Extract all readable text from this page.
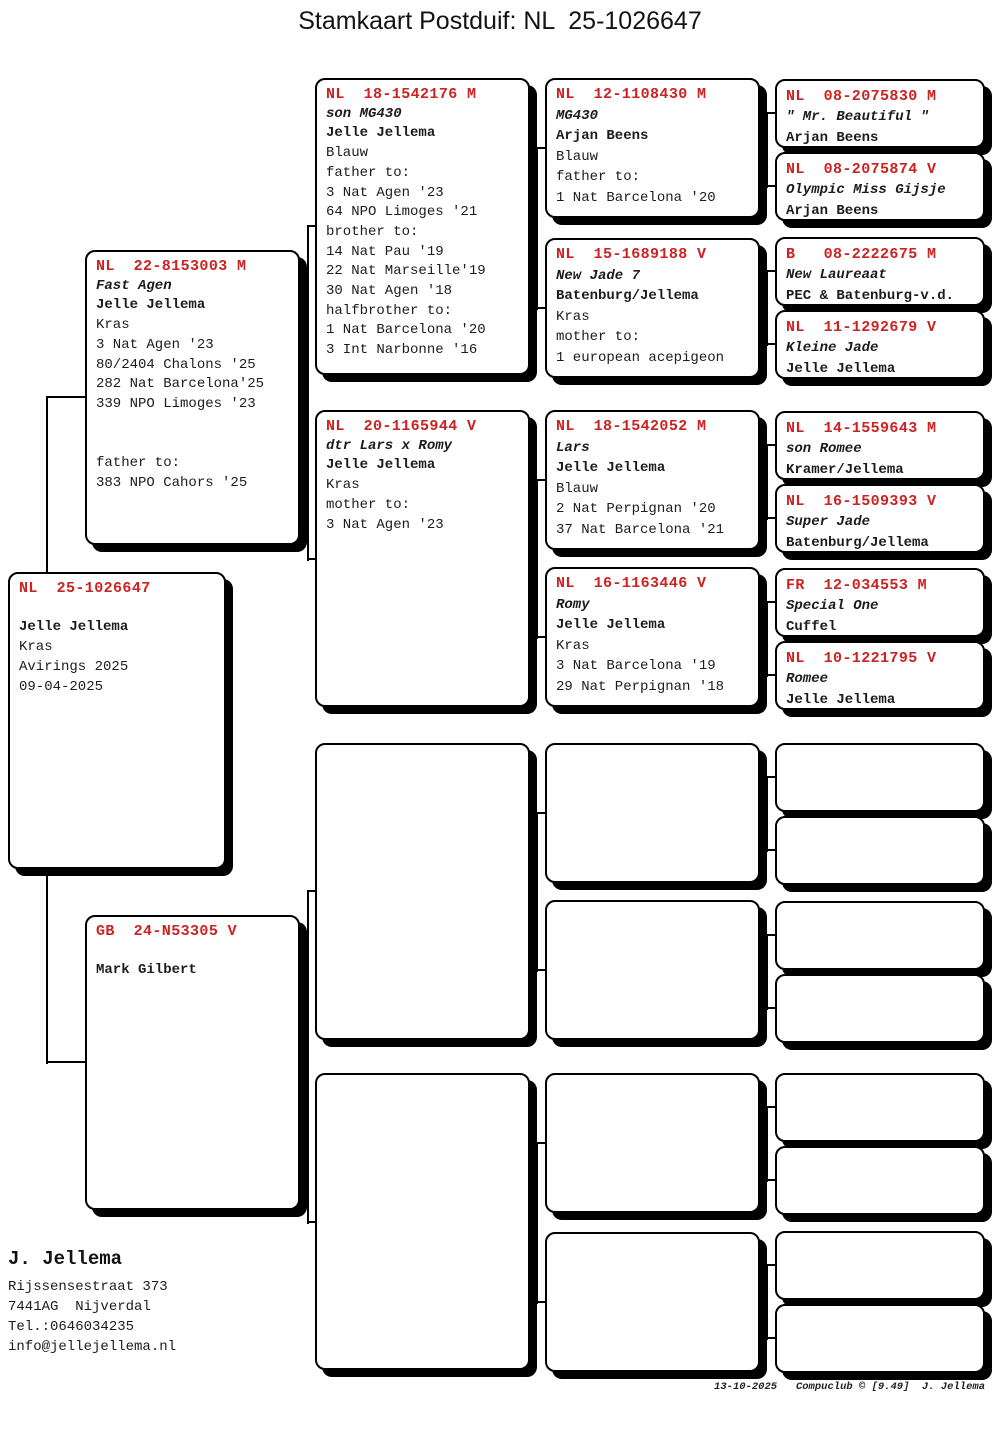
Stamkaart Postduif: NL  25-1026647
NL  25-1026647

Jelle Jellema
Kras
Avirings 2025
09-04-2025
NL  22-8153003 M
Fast Agen
Jelle Jellema
Kras
3 Nat Agen '23
80/2404 Chalons '25
282 Nat Barcelona'25
339 NPO Limoges '23

father to:
383 NPO Cahors '25
GB  24-N53305 V

Mark Gilbert
NL  18-1542176 M
son MG430
Jelle Jellema
Blauw
father to:
3 Nat Agen '23
64 NPO Limoges '21
brother to:
14 Nat Pau '19
22 Nat Marseille'19
30 Nat Agen '18
halfbrother to:
1 Nat Barcelona '20
3 Int Narbonne '16
NL  20-1165944 V
dtr Lars x Romy
Jelle Jellema
Kras
mother to:
3 Nat Agen '23
NL  12-1108430 M
MG430
Arjan Beens
Blauw
father to:
1 Nat Barcelona '20
NL  15-1689188 V
New Jade 7
Batenburg/Jellema
Kras
mother to:
1 european acepigeon
NL  18-1542052 M
Lars
Jelle Jellema
Blauw
2 Nat Perpignan '20
37 Nat Barcelona '21
NL  16-1163446 V
Romy
Jelle Jellema
Kras
3 Nat Barcelona '19
29 Nat Perpignan '18
NL  08-2075830 M
" Mr. Beautiful "
Arjan Beens
NL  08-2075874 V
Olympic Miss Gijsje
Arjan Beens
B   08-2222675 M
New Laureaat
PEC & Batenburg-v.d.
NL  11-1292679 V
Kleine Jade
Jelle Jellema
NL  14-1559643 M
son Romee
Kramer/Jellema
NL  16-1509393 V
Super Jade
Batenburg/Jellema
FR  12-034553 M
Special One
Cuffel
NL  10-1221795 V
Romee
Jelle Jellema
J. Jellema
Rijssensestraat 373
7441AG  Nijverdal
Tel.:0646034235
info@jellejellema.nl
13-10-2025   Compuclub © [9.49]  J. Jellema
